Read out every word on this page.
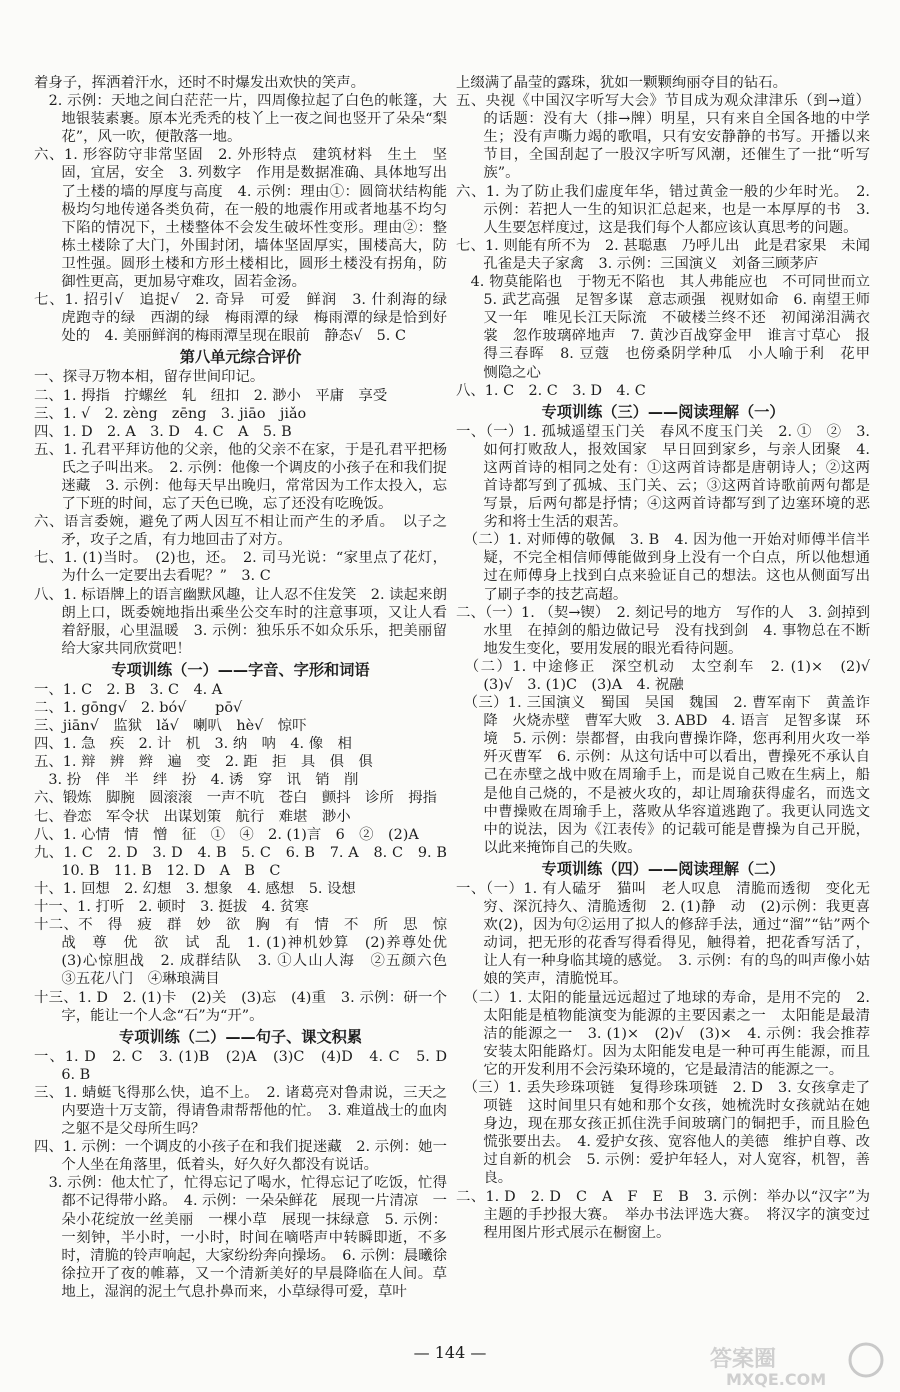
着身子，挥洒着汗水，还时不时爆发出欢快的笑声。
　2. 示例：天地之间白茫茫一片，四周像拉起了白色的帐篷，大地银装素裹。原本光秃秃的枝丫上一夜之间也竖开了朵朵“梨花”，风一吹，便散落一地。
六、1. 形容防守非常坚固　2. 外形特点　建筑材料　生土　坚固，宜居，安全　3. 列数字　作用是数据准确、具体地写出了土楼的墙的厚度与高度　4. 示例：理由①：圆筒状结构能极均匀地传递各类负荷，在一般的地震作用或者地基不均匀下陷的情况下，土楼整体不会发生破坏性变形。理由②：整栋土楼除了大门，外围封闭，墙体坚固厚实，围楼高大，防卫性强。圆形土楼和方形土楼相比，圆形土楼没有拐角，防御性更高，更加易守难攻，固若金汤。
七、1. 招引√　追捉√　2. 奇异　可爱　鲜润　3. 什刹海的绿　虎跑寺的绿　西湖的绿　梅雨潭的绿　梅雨潭的绿是恰到好处的　4. 美丽鲜润的梅雨潭呈现在眼前　静态√　5. C
第八单元综合评价
一、探寻万物本相，留存世间印记。
二、1. 拇指　拧螺丝　轧　纽扣　2. 渺小　平庸　享受
三、1. √　2. zèng　zēng　3. jiāo　jiǎo
四、1. D　2. A　3. D　4. C　A　5. B
五、1. 孔君平拜访他的父亲，他的父亲不在家，于是孔君平把杨氏之子叫出来。　2. 示例：他像一个调皮的小孩子在和我们捉迷藏　3. 示例：他每天早出晚归，常常因为工作太投入，忘了下班的时间，忘了天色已晚，忘了还没有吃晚饭。
六、语言委婉，避免了两人因互不相让而产生的矛盾。　以子之矛，攻子之盾，有力地回击了对方。
七、1. (1)当时。　(2)也，还。　2. 司马光说：“家里点了花灯，为什么一定要出去看呢？”　3. C
八、1. 标语牌上的语言幽默风趣，让人忍不住发笑　2. 读起来朗朗上口，既委婉地指出乘坐公交车时的注意事项，又让人看着舒服，心里温暖　3. 示例：独乐乐不如众乐乐，把美丽留给大家共同欣赏吧！
专项训练（一）——字音、字形和词语
一、1. C　2. B　3. C　4. A
二、1. gōng√　2. bó√　　pō√
三、jiān√　监狱　lǎ√　喇叭　hè√　惊吓
四、1. 急　疾　2. 计　机　3. 纳　呐　4. 像　相
五、1. 辩　辨　辫　遍　变　2. 距　拒　具　俱　俱
　3. 扮　伴　半　绊　扮　4. 诱　穿　讯　销　削
六、锻炼　脚腕　圆滚滚　一声不吭　苍白　颤抖　诊所　拇指
七、眷恋　军令状　出谋划策　航行　难堪　渺小
八、1. 心情　情　憎　征　①　④　2. (1)言　6　②　(2)A
九、1. C　2. D　3. D　4. B　5. C　6. B　7. A　8. C　9. B　10. B　11. B　12. D　A　B　C
十、1. 回想　2. 幻想　3. 想象　4. 感想　5. 设想
十一、1. 打听　2. 顿时　3. 挺拔　4. 贫寒
十二、不　得　疲　群　妙　欲　胸　有　情　不　所　思　惊　战　尊　优　欲　试　乱　1. (1)神机妙算　(2)养尊处优　(3)心惊胆战　2. 成群结队　3. ①人山人海　②五颜六色　③五花八门　④琳琅满目
十三、1. D　2. (1)卡　(2)关　(3)忘　(4)重　3. 示例：研一个字，能让一个人念“石”为“开”。
专项训练（二）——句子、课文积累
一、1. D　2. C　3. (1)B　(2)A　(3)C　(4)D　4. C　5. D　6. B
三、1. 蜻蜓飞得那么快，追不上。　2. 诸葛亮对鲁肃说，三天之内要造十万支箭，得请鲁肃帮帮他的忙。　3. 难道战士的血肉之躯不是父母所生吗？
四、1. 示例：一个调皮的小孩子在和我们捉迷藏　2. 示例：她一个人坐在角落里，低着头，好久好久都没有说话。
　3. 示例：他太忙了，忙得忘记了喝水，忙得忘记了吃饭，忙得都不记得带小路。　4. 示例：一朵朵鲜花　展现一片清凉　一朵小花绽放一丝美丽　一棵小草　展现一抹绿意　5. 示例：一刻钟，半小时，一小时，时间在嘀嗒声中转瞬即逝，不多时，清脆的铃声响起，大家纷纷奔向操场。　6. 示例：晨曦徐徐拉开了夜的帷幕，又一个清新美好的早晨降临在人间。草地上，湿润的泥土气息扑鼻而来，小草绿得可爱，草叶
上缀满了晶莹的露珠，犹如一颗颗绚丽夺目的钻石。
五、央视《中国汉字听写大会》节目成为观众津津乐（到→道）的话题：没有大（排→牌）明星，只有来自全国各地的中学生；没有声嘶力竭的歌唱，只有安安静静的书写。开播以来节目，全国刮起了一股汉字听写风潮，还催生了一批“听写族”。
六、1. 为了防止我们虚度年华，错过黄金一般的少年时光。　2. 示例：若把人一生的知识汇总起来，也是一本厚厚的书　3. 人生要怎样度过，这是我们每个人都应该认真思考的问题。
七、1. 则能有所不为　2. 甚聪惠　乃呼儿出　此是君家果　未闻孔雀是夫子家禽　3. 示例：三国演义　刘备三顾茅庐
　4. 物莫能陷也　于物无不陷也　其人弗能应也　不可同世而立　5. 武艺高强　足智多谋　意志顽强　视财如命　6. 南望王师又一年　唯见长江天际流　不破楼兰终不还　初闻涕泪满衣裳　忽作玻璃碎地声　7. 黄沙百战穿金甲　谁言寸草心　报得三春晖　8. 豆蔻　也傍桑阴学种瓜　小人喻于利　花甲　恻隐之心
八、1. C　2. C　3. D　4. C
专项训练（三）——阅读理解（一）
一、（一）1. 孤城遥望玉门关　春风不度玉门关　2. ①　②　3. 如何打败敌人，报效国家　早日回到家乡，与亲人团聚　4. 这两首诗的相同之处有：①这两首诗都是唐朝诗人；②这两首诗都写到了孤城、玉门关、云；③这两首诗歌前两句都是写景，后两句都是抒情；④这两首诗都写到了边塞环境的恶劣和将士生活的艰苦。
　（二）1. 对师傅的敬佩　3. B　4. 因为他一开始对师傅半信半疑，不完全相信师傅能做到身上没有一个白点，所以他想通过在师傅身上找到白点来验证自己的想法。这也从侧面写出了刷子李的技艺高超。
二、（一）1. （契→锲）　2. 刻记号的地方　写作的人　3. 剑掉到水里　在掉剑的船边做记号　没有找到剑　4. 事物总在不断地发生变化，要用发展的眼光看待问题。
　（二）1. 中途修正　深空机动　太空刹车　2. (1)×　(2)√　(3)√　3. (1)C　(3)A　4. 祝融
　（三）1. 三国演义　蜀国　吴国　魏国　2. 曹军南下　黄盖诈降　火烧赤壁　曹军大败　3. ABD　4. 语言　足智多谋　环境　5. 示例：崇都督，由我向曹操诈降，您再利用火攻一举歼灭曹军　6. 示例：从这句话中可以看出，曹操死不承认自己在赤壁之战中败在周瑜手上，而是说自己败在生病上，船是他自己烧的，不是被火攻的，却让周瑜获得虚名，而选文中曹操败在周瑜手上，落败从华容道逃跑了。我更认同选文中的说法，因为《江表传》的记载可能是曹操为自己开脱，以此来掩饰自己的失败。
专项训练（四）——阅读理解（二）
一、（一）1. 有人磕牙　猫叫　老人叹息　清脆而透彻　变化无穷、深沉持久、清脆透彻　2. (1)静　动　(2)示例：我更喜欢(2)，因为句②运用了拟人的修辞手法，通过“溜”“钻”两个动词，把无形的花香写得看得见，触得着，把花香写活了，让人有一种身临其境的感觉。　3. 示例：有的鸟的叫声像小姑娘的笑声，清脆悦耳。
　（二）1. 太阳的能量远远超过了地球的寿命，是用不完的　2. 太阳能是植物能演变为能源的主要因素之一　太阳能是最清洁的能源之一　3. (1)×　(2)√　(3)×　4. 示例：我会推荐安装太阳能路灯。因为太阳能发电是一种可再生能源，而且它的开发利用不会污染环境的，它是最清洁的能源之一。
　（三）1. 丢失珍珠项链　复得珍珠项链　2. D　3. 女孩拿走了项链　这时间里只有她和那个女孩，她梳洗时女孩就站在她身边，现在那女孩正抓住洗手间玻璃门的铜把手，而且脸色慌张要出去。　4. 爱护女孩、宽容他人的美德　维护自尊、改过自新的机会　5. 示例：爱护年轻人，对人宽容，机智，善良。
二、1. D　2. D　C　A　F　E　B　3. 示例：举办以“汉字”为主题的手抄报大赛。　举办书法评选大赛。　将汉字的演变过程用图片形式展示在橱窗上。
— 144 —	答案圈
MXQE.COM
